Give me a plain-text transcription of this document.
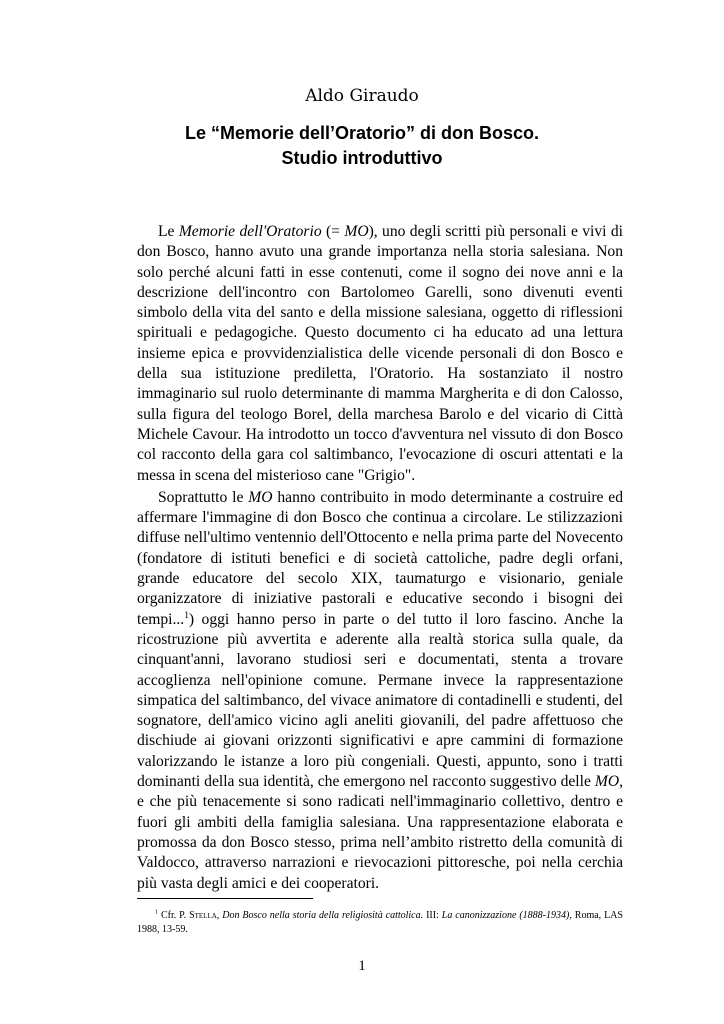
Aldo Giraudo
Le “Memorie dell’Oratorio” di don Bosco.
Studio introduttivo

Le Memorie dell'Oratorio (= MO), uno degli scritti più personali e vivi di don Bosco, hanno avuto una grande importanza nella storia salesiana. Non solo perché alcuni fatti in esse contenuti, come il sogno dei nove anni e la descrizione dell'incontro con Bartolomeo Garelli, sono divenuti eventi simbolo della vita del santo e della missione salesiana, oggetto di riflessioni spirituali e pedagogiche. Questo documento ci ha educato ad una lettura insieme epica e provvidenzialistica delle vicende personali di don Bosco e della sua istituzione prediletta, l'Oratorio. Ha sostanziato il nostro immaginario sul ruolo determinante di mamma Margherita e di don Calosso, sulla figura del teologo Borel, della marchesa Barolo e del vicario di Città Michele Cavour. Ha introdotto un tocco d'avventura nel vissuto di don Bosco col racconto della gara col saltimbanco, l'evocazione di oscuri attentati e la messa in scena del misterioso cane "Grigio".

Soprattutto le MO hanno contribuito in modo determinante a costruire ed affermare l'immagine di don Bosco che continua a circolare. Le stilizzazioni diffuse nell'ultimo ventennio dell'Ottocento e nella prima parte del Novecento (fondatore di istituti benefici e di società cattoliche, padre degli orfani, grande educatore del secolo XIX, taumaturgo e visionario, geniale organizzatore di iniziative pastorali e educative secondo i bisogni dei tempi...$^1$) oggi hanno perso in parte o del tutto il loro fascino. Anche la ricostruzione più avvertita e aderente alla realtà storica sulla quale, da cinquant'anni, lavorano studiosi seri e documentati, stenta a trovare accoglienza nell'opinione comune. Permane invece la rappresentazione simpatica del saltimbanco, del vivace animatore di contadinelli e studenti, del sognatore, dell'amico vicino agli aneliti giovanili, del padre affettuoso che dischiude ai giovani orizzonti significativi e apre cammini di formazione valorizzando le istanze a loro più congeniali. Questi, appunto, sono i tratti dominanti della sua identità, che emergono nel racconto suggestivo delle MO, e che più tenacemente si sono radicati nell'immaginario collettivo, dentro e fuori gli ambiti della famiglia salesiana. Una rappresentazione elaborata e promossa da don Bosco stesso, prima nell’ambito ristretto della comunità di Valdocco, attraverso narrazioni e rievocazioni pittoresche, poi nella cerchia più vasta degli amici e dei cooperatori.

$^1$ Cfr. P. Stella, Don Bosco nella storia della religiosità cattolica. III: La canonizzazione (1888-1934), Roma, LAS 1988, 13-59.
1
